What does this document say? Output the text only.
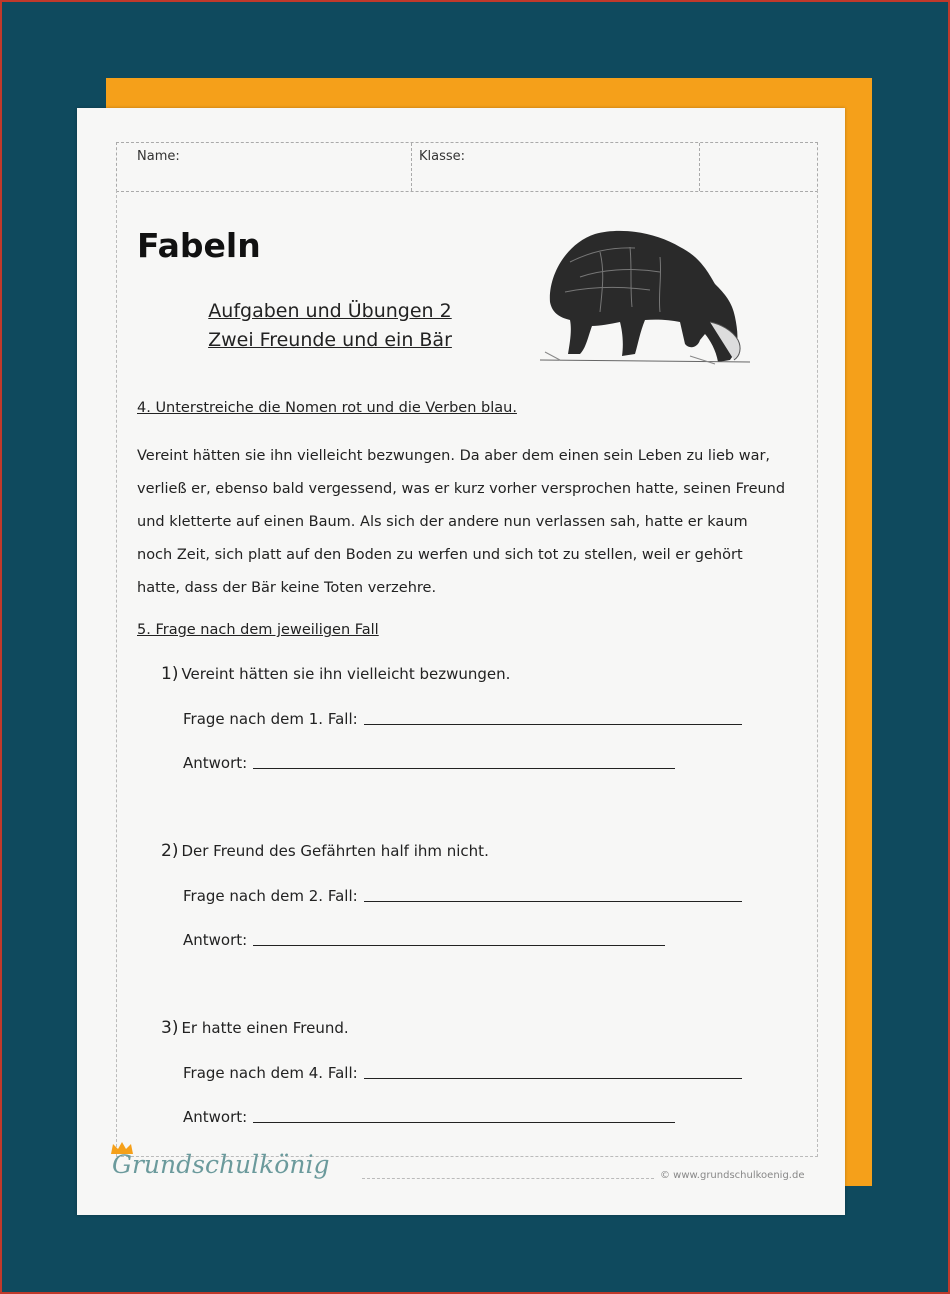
Name:	Klasse:
Fabeln
Aufgaben und Übungen 2
Zwei Freunde und ein Bär
4. Unterstreiche die Nomen rot und die Verben blau.
Vereint hätten sie ihn vielleicht bezwungen. Da aber dem einen sein Leben zu lieb war, verließ er, ebenso bald vergessend, was er kurz vorher versprochen hatte, seinen Freund und kletterte auf einen Baum. Als sich der andere nun verlassen sah, hatte er kaum noch Zeit, sich platt auf den Boden zu werfen und sich tot zu stellen, weil er gehört hatte, dass der Bär keine Toten verzehre.
5. Frage nach dem jeweiligen Fall
1) Vereint hätten sie ihn vielleicht bezwungen.
Frage nach dem 1. Fall:
Antwort:
2) Der Freund des Gefährten half ihm nicht.
Frage nach dem 2. Fall:
Antwort:
3) Er hatte einen Freund.
Frage nach dem 4. Fall:
Antwort:
Grundschulkönig	© www.grundschulkoenig.de
